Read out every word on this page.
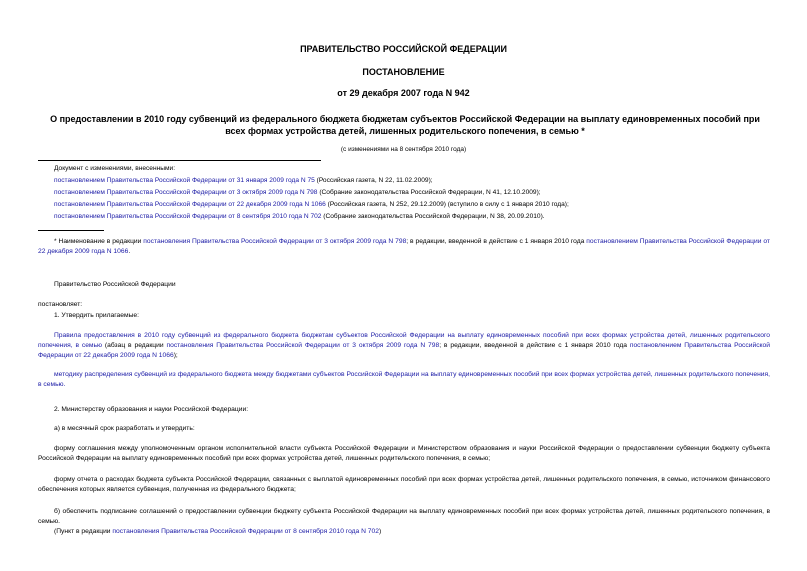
ПРАВИТЕЛЬСТВО РОССИЙСКОЙ ФЕДЕРАЦИИ
ПОСТАНОВЛЕНИЕ
от 29 декабря 2007 года N 942
О предоставлении в 2010 году субвенций из федерального бюджета бюджетам субъектов Российской Федерации на выплату единовременных пособий при всех формах устройства детей, лишенных родительского попечения, в семью *
(с изменениями на 8 сентября 2010 года)
Документ с изменениями, внесенными:
постановлением Правительства Российской Федерации от 31 января 2009 года N 75 (Российская газета, N 22, 11.02.2009);
постановлением Правительства Российской Федерации от 3 октября 2009 года N 798 (Собрание законодательства Российской Федерации, N 41, 12.10.2009);
постановлением Правительства Российской Федерации от 22 декабря 2009 года N 1066 (Российская газета, N 252, 29.12.2009) (вступило в силу с 1 января 2010 года);
постановлением Правительства Российской Федерации от 8 сентября 2010 года N 702 (Собрание законодательства Российской Федерации, N 38, 20.09.2010).
* Наименование в редакции постановления Правительства Российской Федерации от 3 октября 2009 года N 798; в редакции, введенной в действие с 1 января 2010 года постановлением Правительства Российской Федерации от 22 декабря 2009 года N 1066.
Правительство Российской Федерации
постановляет:
1. Утвердить прилагаемые:
Правила предоставления в 2010 году субвенций из федерального бюджета бюджетам субъектов Российской Федерации на выплату единовременных пособий при всех формах устройства детей, лишенных родительского попечения, в семью (абзац в редакции постановления Правительства Российской Федерации от 3 октября 2009 года N 798; в редакции, введенной в действие с 1 января 2010 года постановлением Правительства Российской Федерации от 22 декабря 2009 года N 1066);
методику распределения субвенций из федерального бюджета между бюджетами субъектов Российской Федерации на выплату единовременных пособий при всех формах устройства детей, лишенных родительского попечения, в семью.
2. Министерству образования и науки Российской Федерации:
а) в месячный срок разработать и утвердить:
форму соглашения между уполномоченным органом исполнительной власти субъекта Российской Федерации и Министерством образования и науки Российской Федерации о предоставлении субвенции бюджету субъекта Российской Федерации на выплату единовременных пособий при всех формах устройства детей, лишенных родительского попечения, в семью;
форму отчета о расходах бюджета субъекта Российской Федерации, связанных с выплатой единовременных пособий при всех формах устройства детей, лишенных родительского попечения, в семью, источником финансового обеспечения которых является субвенция, полученная из федерального бюджета;
б) обеспечить подписание соглашений о предоставлении субвенции бюджету субъекта Российской Федерации на выплату единовременных пособий при всех формах устройства детей, лишенных родительского попечения, в семью.
(Пункт в редакции постановления Правительства Российской Федерации от 8 сентября 2010 года N 702)
